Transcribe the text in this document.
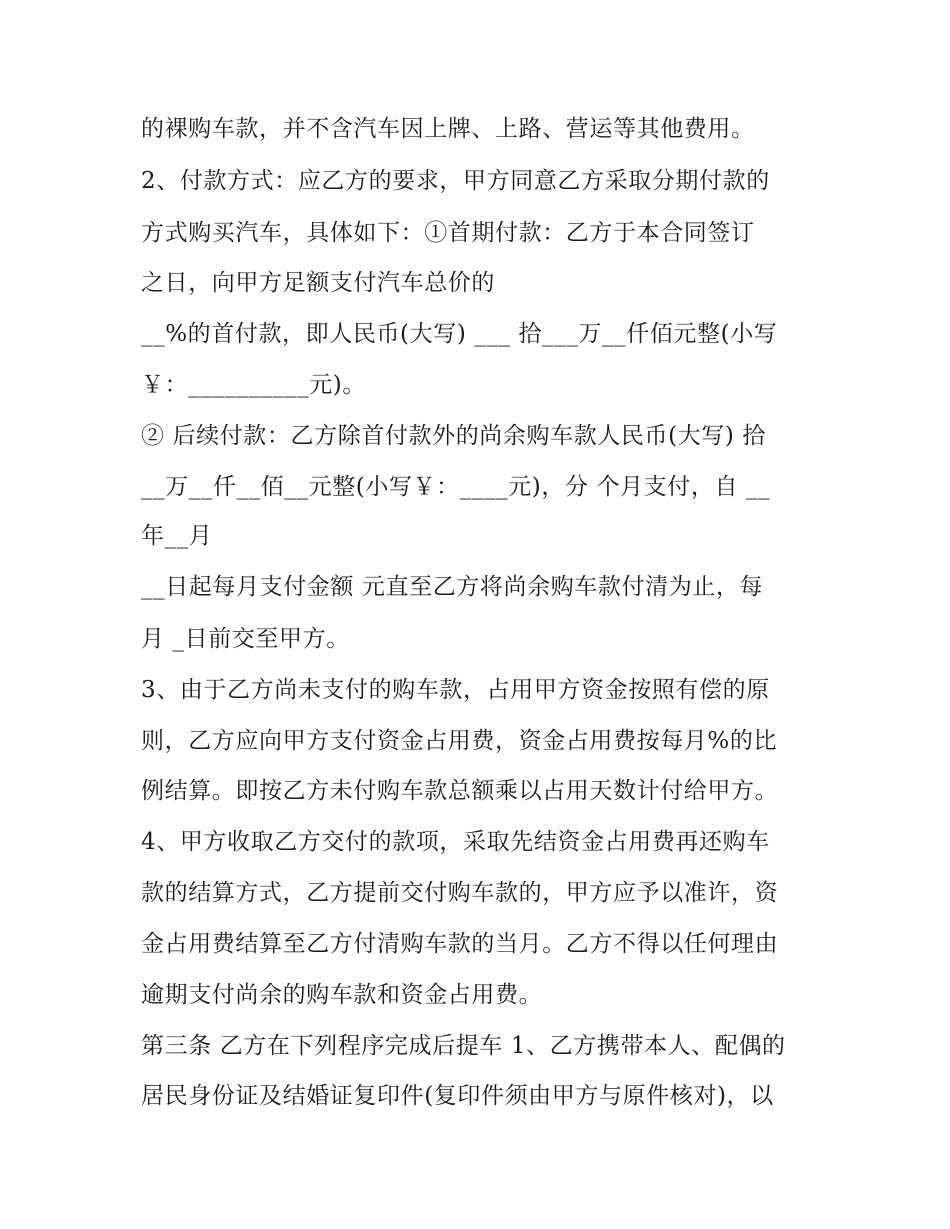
的裸购车款，并不含汽车因上牌、上路、营运等其他费用。
2、付款方式：应乙方的要求，甲方同意乙方采取分期付款的
方式购买汽车，具体如下：①首期付款：乙方于本合同签订
之日，向甲方足额支付汽车总价的
__%的首付款，即人民币(大写) ___ 拾___万__仟佰元整(小写
￥：__________元)。
② 后续付款：乙方除首付款外的尚余购车款人民币(大写) 拾
__万__仟__佰__元整(小写￥：____元)，分 个月支付，自 __
年__月
__日起每月支付金额 元直至乙方将尚余购车款付清为止，每
月 _日前交至甲方。
3、由于乙方尚未支付的购车款，占用甲方资金按照有偿的原
则，乙方应向甲方支付资金占用费，资金占用费按每月%的比
例结算。即按乙方未付购车款总额乘以占用天数计付给甲方。
4、甲方收取乙方交付的款项，采取先结资金占用费再还购车
款的结算方式，乙方提前交付购车款的，甲方应予以准许，资
金占用费结算至乙方付清购车款的当月。乙方不得以任何理由
逾期支付尚余的购车款和资金占用费。
第三条 乙方在下列程序完成后提车 1、乙方携带本人、配偶的
居民身份证及结婚证复印件(复印件须由甲方与原件核对)，以
